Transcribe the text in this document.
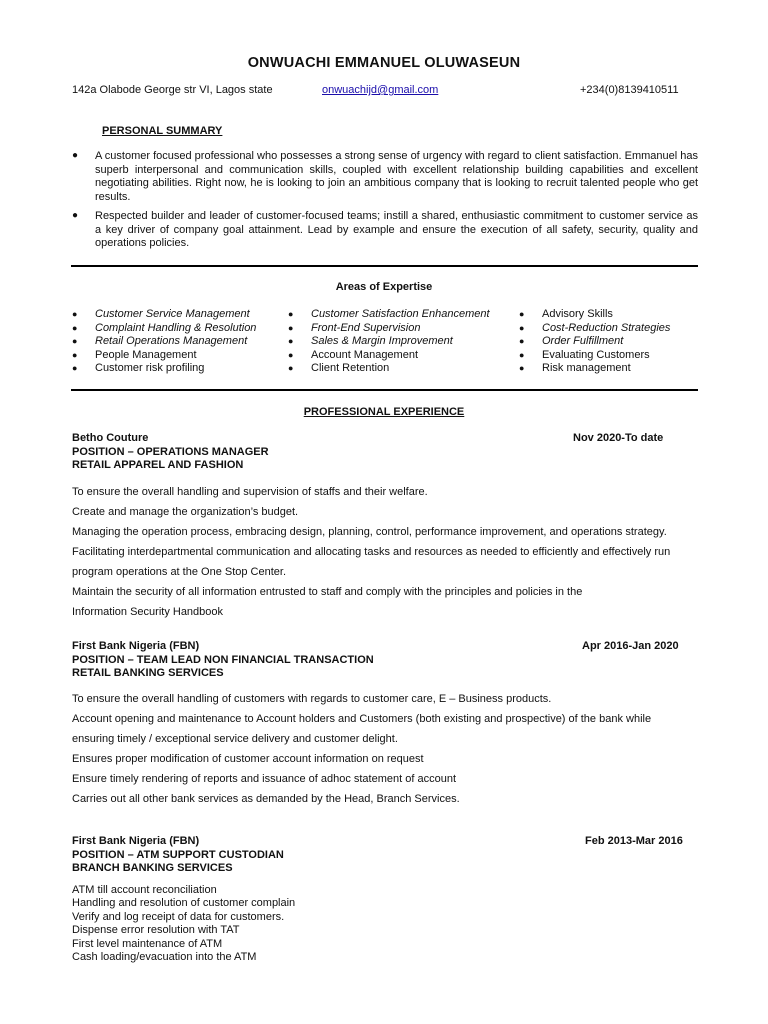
ONWUACHI EMMANUEL OLUWASEUN
142a Olabode George str VI, Lagos state	onwuachijd@gmail.com	+234(0)8139410511
PERSONAL SUMMARY
● A customer focused professional who possesses a strong sense of urgency with regard to client satisfaction. Emmanuel has superb interpersonal and communication skills, coupled with excellent relationship building capabilities and excellent negotiating abilities. Right now, he is looking to join an ambitious company that is looking to recruit talented people who get results.
● Respected builder and leader of customer-focused teams; instill a shared, enthusiastic commitment to customer service as a key driver of company goal attainment. Lead by example and ensure the execution of all safety, security, quality and operations policies.
Areas of Expertise
● Customer Service Management
● Complaint Handling & Resolution
● Retail Operations Management
● People Management
● Customer risk profiling
● Customer Satisfaction Enhancement
● Front-End Supervision
● Sales & Margin Improvement
● Account Management
● Client Retention
● Advisory Skills
● Cost-Reduction Strategies
● Order Fulfillment
● Evaluating Customers
● Risk management
PROFESSIONAL EXPERIENCE
Betho Couture
POSITION – OPERATIONS MANAGER
RETAIL APPAREL AND FASHION
Nov 2020-To date
To ensure the overall handling and supervision of staffs and their welfare.
Create and manage the organization’s budget.
Managing the operation process, embracing design, planning, control, performance improvement, and operations strategy.
Facilitating interdepartmental communication and allocating tasks and resources as needed to efficiently and effectively run
program operations at the One Stop Center.
Maintain the security of all information entrusted to staff and comply with the principles and policies in the
Information Security Handbook
First Bank Nigeria (FBN)
POSITION – TEAM LEAD NON FINANCIAL TRANSACTION
RETAIL BANKING SERVICES
Apr 2016-Jan 2020
To ensure the overall handling of customers with regards to customer care, E – Business products.
Account opening and maintenance to Account holders and Customers (both existing and prospective) of the bank while
ensuring timely / exceptional service delivery and customer delight.
Ensures proper modification of customer account information on request
Ensure timely rendering of reports and issuance of adhoc statement of account
Carries out all other bank services as demanded by the Head, Branch Services.
First Bank Nigeria (FBN)
POSITION – ATM SUPPORT CUSTODIAN
BRANCH BANKING SERVICES
Feb 2013-Mar 2016
ATM till account reconciliation
Handling and resolution of customer complain
Verify and log receipt of data for customers.
Dispense error resolution with TAT
First level maintenance of ATM
Cash loading/evacuation into the ATM
